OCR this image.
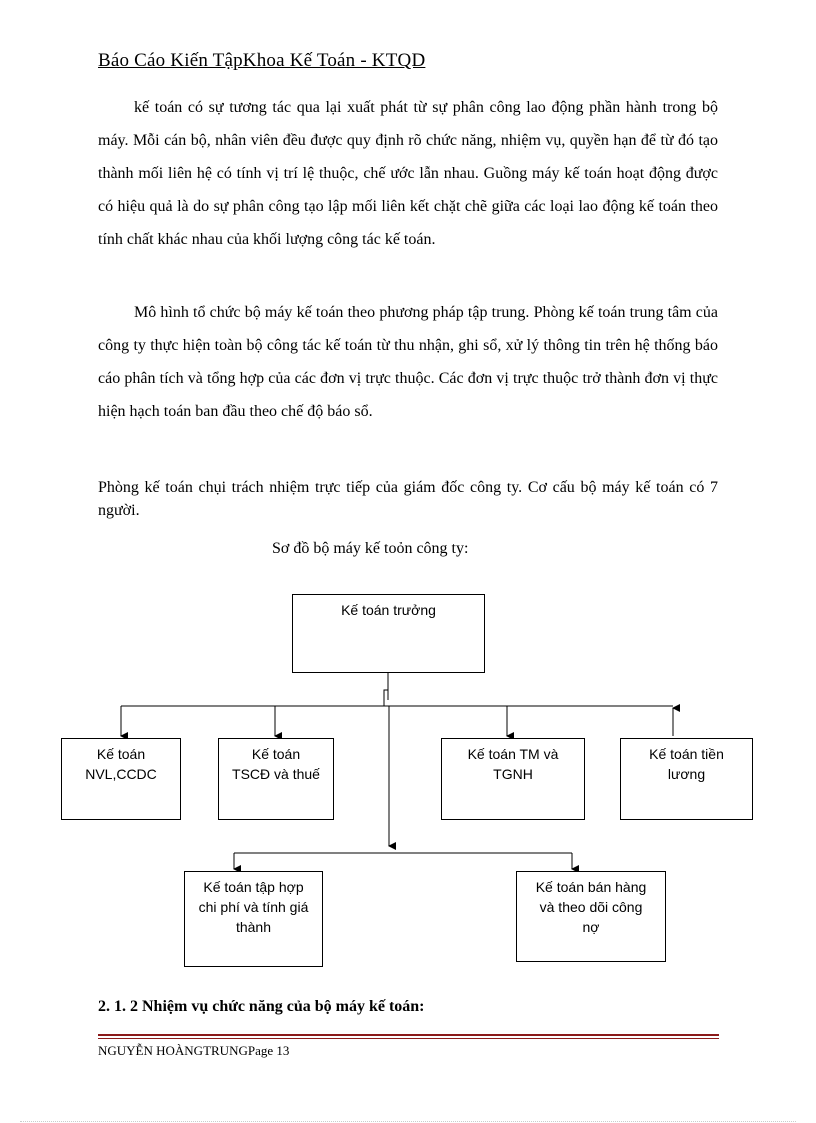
Báo Cáo Kiến TậpKhoa Kế Toán - KTQD

kế toán có sự tương tác qua lại xuất phát từ sự phân công lao động phần hành trong bộ máy. Mỗi cán bộ, nhân viên đều được quy định rõ chức năng, nhiệm vụ, quyền hạn để từ đó tạo thành mối liên hệ có tính vị trí lệ thuộc, chế ước lẫn nhau. Guồng máy kế toán hoạt động được có hiệu quả là do sự phân công tạo lập mối liên kết chặt chẽ giữa các loại lao động kế toán theo tính chất khác nhau của khối lượng công tác kế toán.

Mô hình tổ chức bộ máy kế toán theo phương pháp tập trung. Phòng kế toán trung tâm của công ty thực hiện toàn bộ công tác kế toán từ thu nhận, ghi sổ, xử lý thông tin trên hệ thống báo cáo phân tích và tổng hợp của các đơn vị trực thuộc. Các đơn vị trực thuộc trở thành đơn vị thực hiện hạch toán ban đầu theo chế độ báo sổ.

Phòng kế toán chụi trách nhiệm trực tiếp của giám đốc công ty. Cơ cấu bộ máy kế toán có 7 người.

Sơ đồ bộ máy kế toỏn công ty:
Kế toán trưởng
Kế toán
NVL,CCDC
Kế toán
TSCĐ và thuế
Kế toán TM và
TGNH
Kế toán tiền
lương
Kế toán tập hợp
chi phí và tính giá
thành
Kế toán bán hàng
và theo dõi công
nợ
2. 1. 2 Nhiệm vụ chức năng của bộ máy kế toán:
NGUYỄN HOÀNGTRUNGPage 13
